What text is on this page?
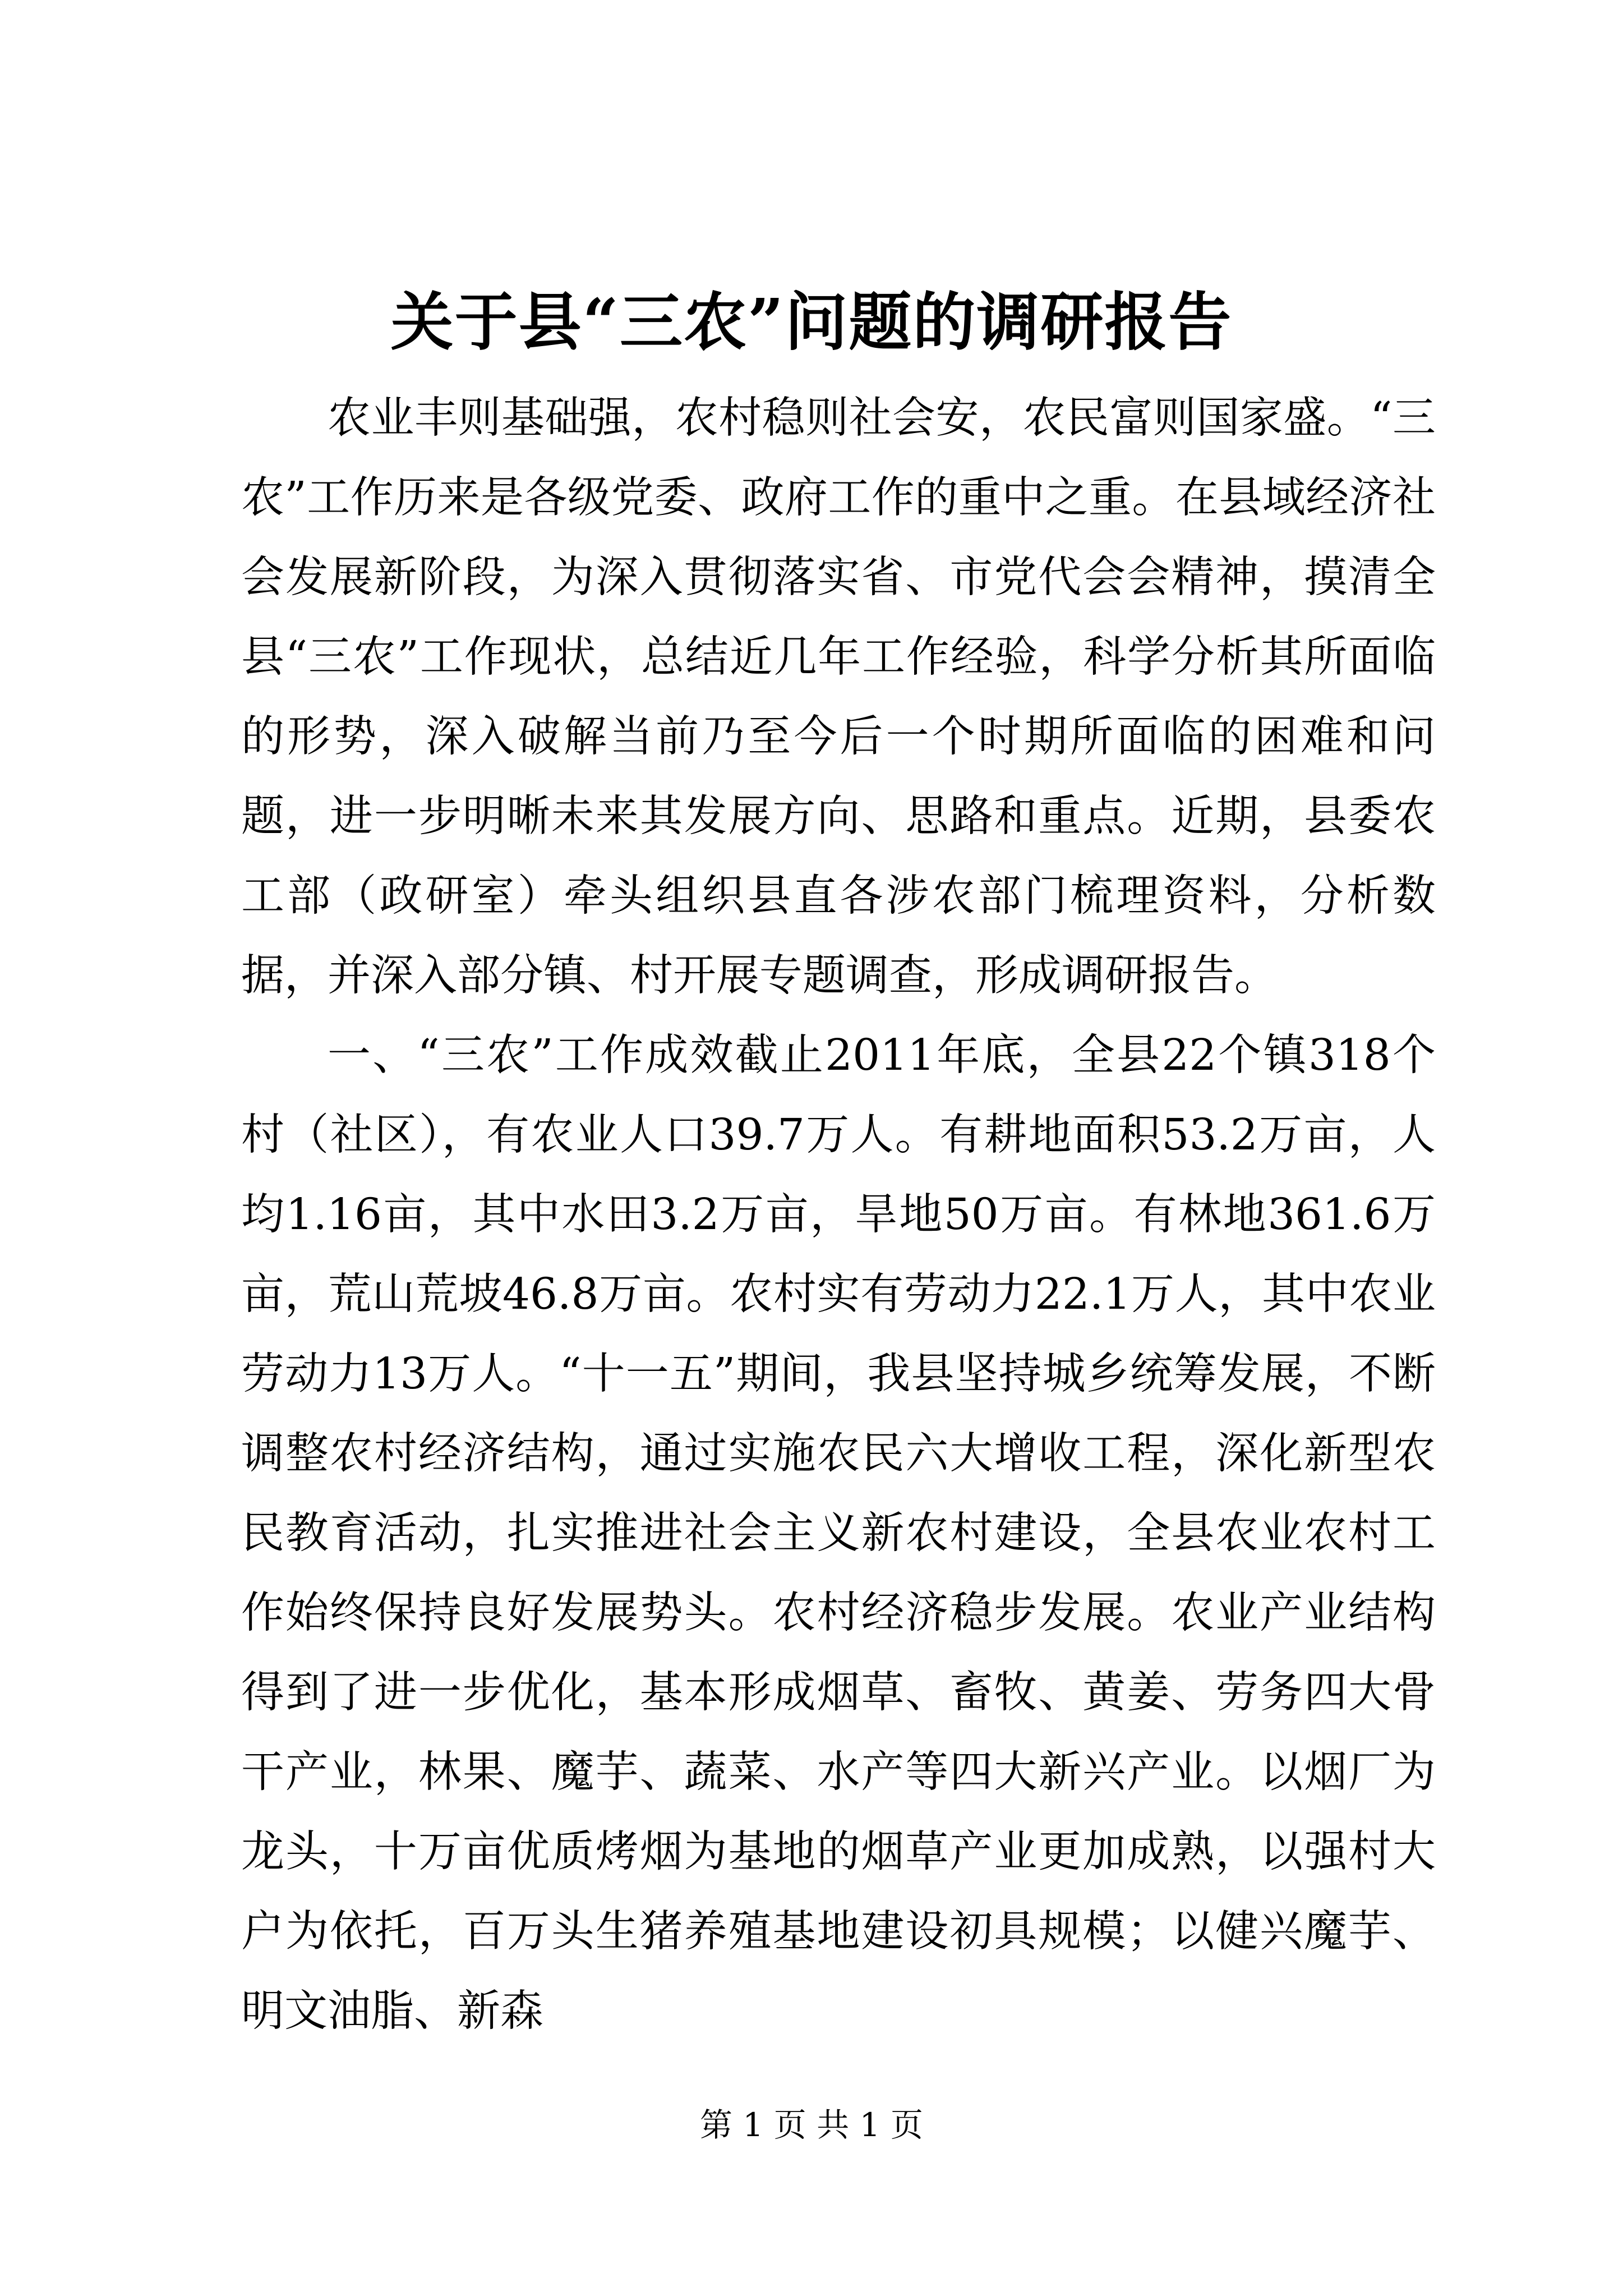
关于县“三农”问题的调研报告

农业丰则基础强，农村稳则社会安，农民富则国家盛。“三农”工作历来是各级党委、政府工作的重中之重。在县域经济社会发展新阶段，为深入贯彻落实省、市党代会会精神，摸清全县“三农”工作现状，总结近几年工作经验，科学分析其所面临的形势，深入破解当前乃至今后一个时期所面临的困难和问题，进一步明晰未来其发展方向、思路和重点。近期，县委农工部（政研室）牵头组织县直各涉农部门梳理资料，分析数据，并深入部分镇、村开展专题调查，形成调研报告。

一、“三农”工作成效截止2011年底，全县22个镇318个村（社区），有农业人口39.7万人。有耕地面积53.2万亩，人均1.16亩，其中水田3.2万亩，旱地50万亩。有林地361.6万亩，荒山荒坡46.8万亩。农村实有劳动力22.1万人，其中农业劳动力13万人。“十一五”期间，我县坚持城乡统筹发展，不断调整农村经济结构，通过实施农民六大增收工程，深化新型农民教育活动，扎实推进社会主义新农村建设，全县农业农村工作始终保持良好发展势头。农村经济稳步发展。农业产业结构得到了进一步优化，基本形成烟草、畜牧、黄姜、劳务四大骨干产业，林果、魔芋、蔬菜、水产等四大新兴产业。以烟厂为龙头，十万亩优质烤烟为基地的烟草产业更加成熟，以强村大户为依托，百万头生猪养殖基地建设初具规模；以健兴魔芋、明文油脂、新森

第 1 页 共 1 页
